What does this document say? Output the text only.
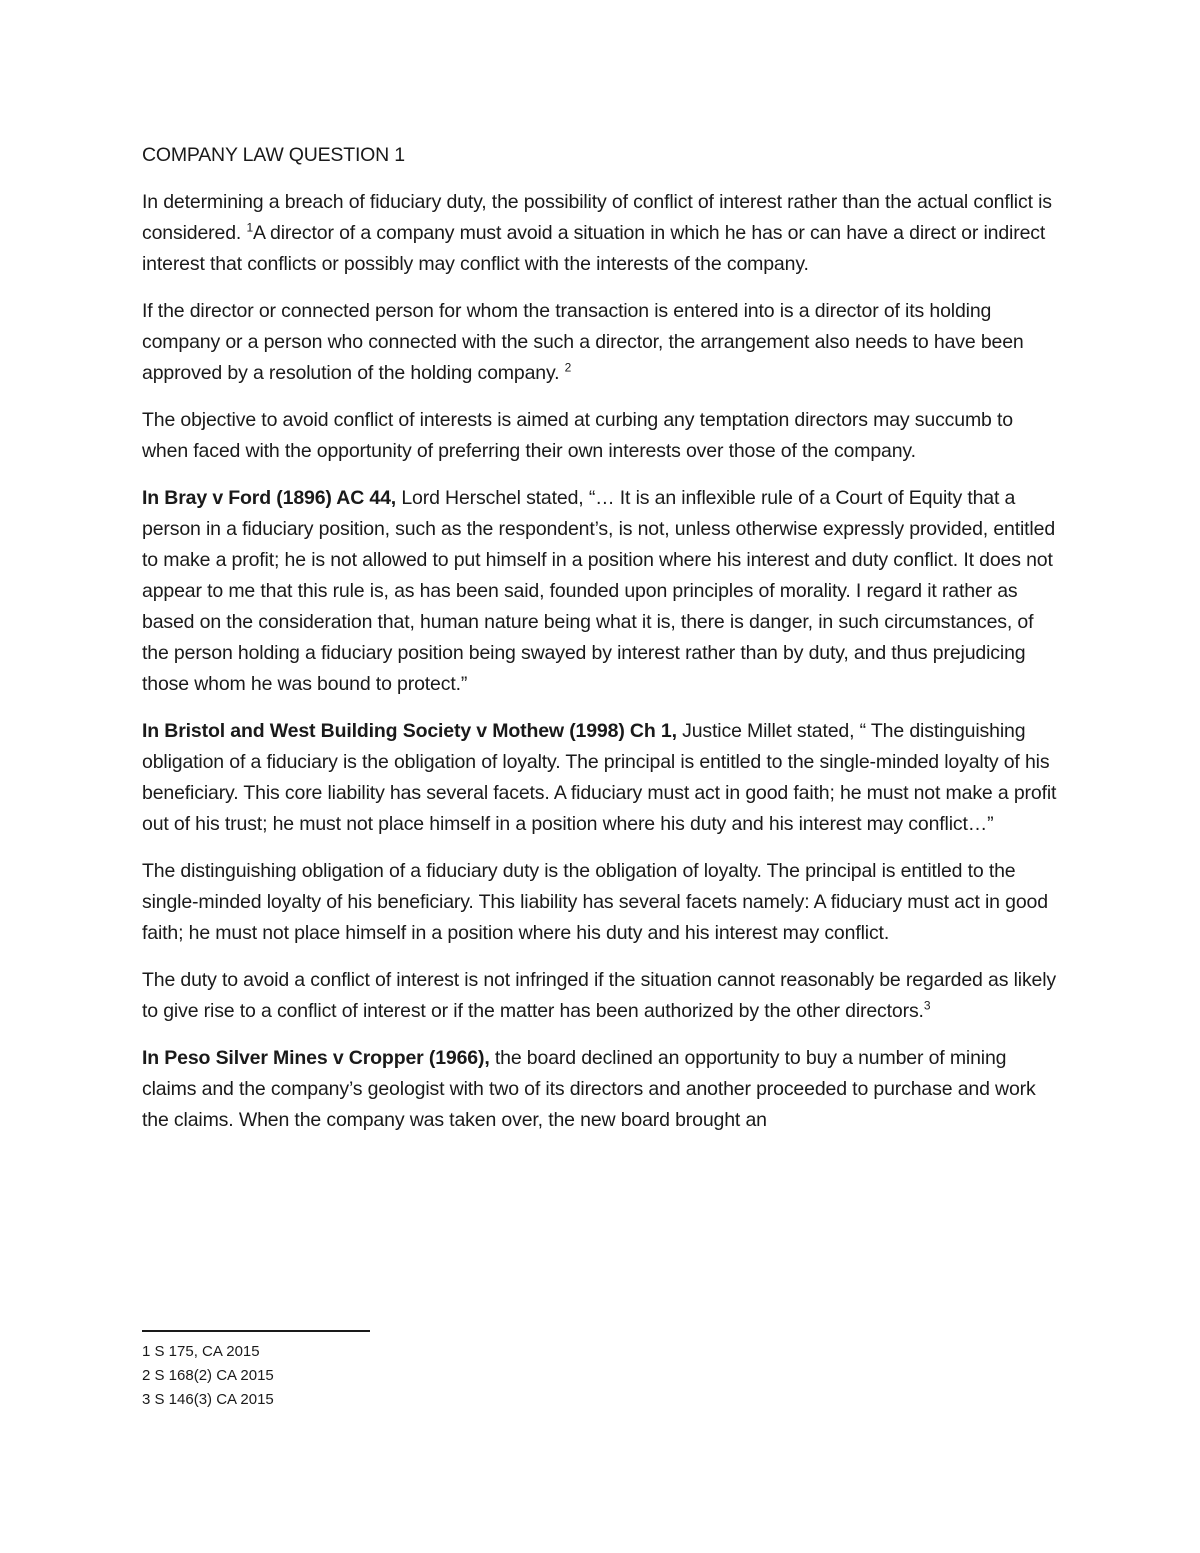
COMPANY LAW QUESTION 1

In determining a breach of fiduciary duty, the possibility of conflict of interest rather than the actual conflict is considered. $^1$A director of a company must avoid a situation in which he has or can have a direct or indirect interest that conflicts or possibly may conflict with the interests of the company.

If the director or connected person for whom the transaction is entered into is a director of its holding company or a person who connected with the such a director, the arrangement also needs to have been approved by a resolution of the holding company. $^2$

The objective to avoid conflict of interests is aimed at curbing any temptation directors may succumb to when faced with the opportunity of preferring their own interests over those of the company.

In Bray v Ford (1896) AC 44, Lord Herschel stated, “… It is an inflexible rule of a Court of Equity that a person in a fiduciary position, such as the respondent’s, is not, unless otherwise expressly provided, entitled to make a profit; he is not allowed to put himself in a position where his interest and duty conflict. It does not appear to me that this rule is, as has been said, founded upon principles of morality. I regard it rather as based on the consideration that, human nature being what it is, there is danger, in such circumstances, of the person holding a fiduciary position being swayed by interest rather than by duty, and thus prejudicing those whom he was bound to protect.”

In Bristol and West Building Society v Mothew (1998) Ch 1, Justice Millet stated, “ The distinguishing obligation of a fiduciary is the obligation of loyalty. The principal is entitled to the single-minded loyalty of his beneficiary. This core liability has several facets. A fiduciary must act in good faith; he must not make a profit out of his trust; he must not place himself in a position where his duty and his interest may conflict…”

The distinguishing obligation of a fiduciary duty is the obligation of loyalty. The principal is entitled to the single-minded loyalty of his beneficiary. This liability has several facets namely: A fiduciary must act in good faith; he must not place himself in a position where his duty and his interest may conflict.

The duty to avoid a conflict of interest is not infringed if the situation cannot reasonably be regarded as likely to give rise to a conflict of interest or if the matter has been authorized by the other directors.$^3$

In Peso Silver Mines v Cropper (1966), the board declined an opportunity to buy a number of mining claims and the company’s geologist with two of its directors and another proceeded to purchase and work the claims. When the company was taken over, the new board brought an

1 S 175, CA 2015

2 S 168(2) CA 2015

3 S 146(3) CA 2015
